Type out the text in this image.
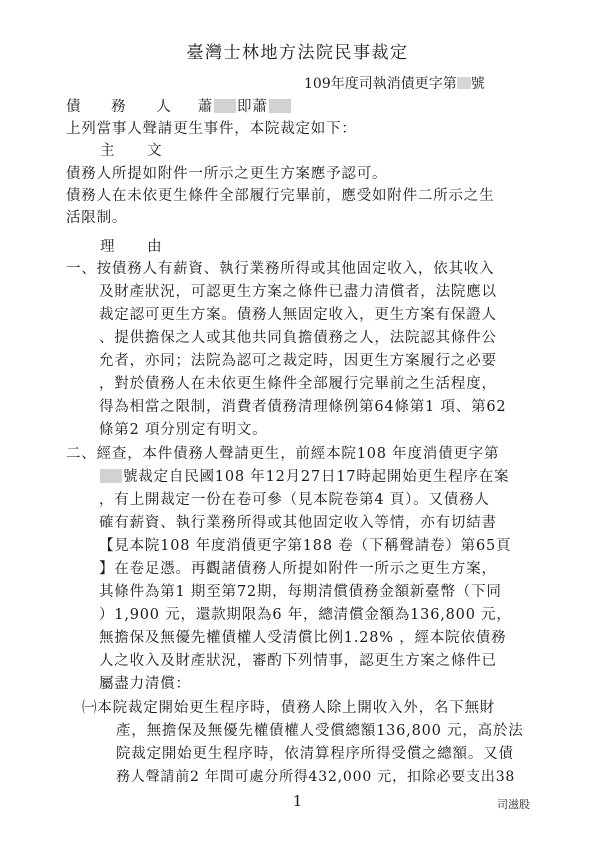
臺灣士林地方法院民事裁定
109年度司執消債更字第 號
債 務 人 蕭 即蕭
上列當事人聲請更生事件，本院裁定如下：
主 文
債務人所提如附件一所示之更生方案應予認可。
債務人在未依更生條件全部履行完畢前，應受如附件二所示之生
活限制。
理 由
一、按債務人有薪資、執行業務所得或其他固定收入，依其收入
及財產狀況，可認更生方案之條件已盡力清償者，法院應以
裁定認可更生方案。債務人無固定收入，更生方案有保證人
、提供擔保之人或其他共同負擔債務之人，法院認其條件公
允者，亦同；法院為認可之裁定時，因更生方案履行之必要
，對於債務人在未依更生條件全部履行完畢前之生活程度，
得為相當之限制，消費者債務清理條例第64條第1 項、第62
條第2 項分別定有明文。
二、經查，本件債務人聲請更生，前經本院108 年度消債更字第
號裁定自民國108 年12月27日17時起開始更生程序在案
，有上開裁定一份在卷可參（見本院卷第4 頁）。又債務人
確有薪資、執行業務所得或其他固定收入等情，亦有切結書
【見本院108 年度消債更字第188 卷（下稱聲請卷）第65頁
】在卷足憑。再觀諸債務人所提如附件一所示之更生方案，
其條件為第1 期至第72期，每期清償債務金額新臺幣（下同
）1,900 元，還款期限為6 年，總清償金額為136,800 元，
無擔保及無優先權債權人受清償比例1.28% ，經本院依債務
人之收入及財產狀況，審酌下列情事，認更生方案之條件已
屬盡力清償：
㈠本院裁定開始更生程序時，債務人除上開收入外，名下無財
產，無擔保及無優先權債權人受償總額136,800 元，高於法
院裁定開始更生程序時，依清算程序所得受償之總額。又債
務人聲請前2 年間可處分所得432,000 元，扣除必要支出38
1	司滋股
